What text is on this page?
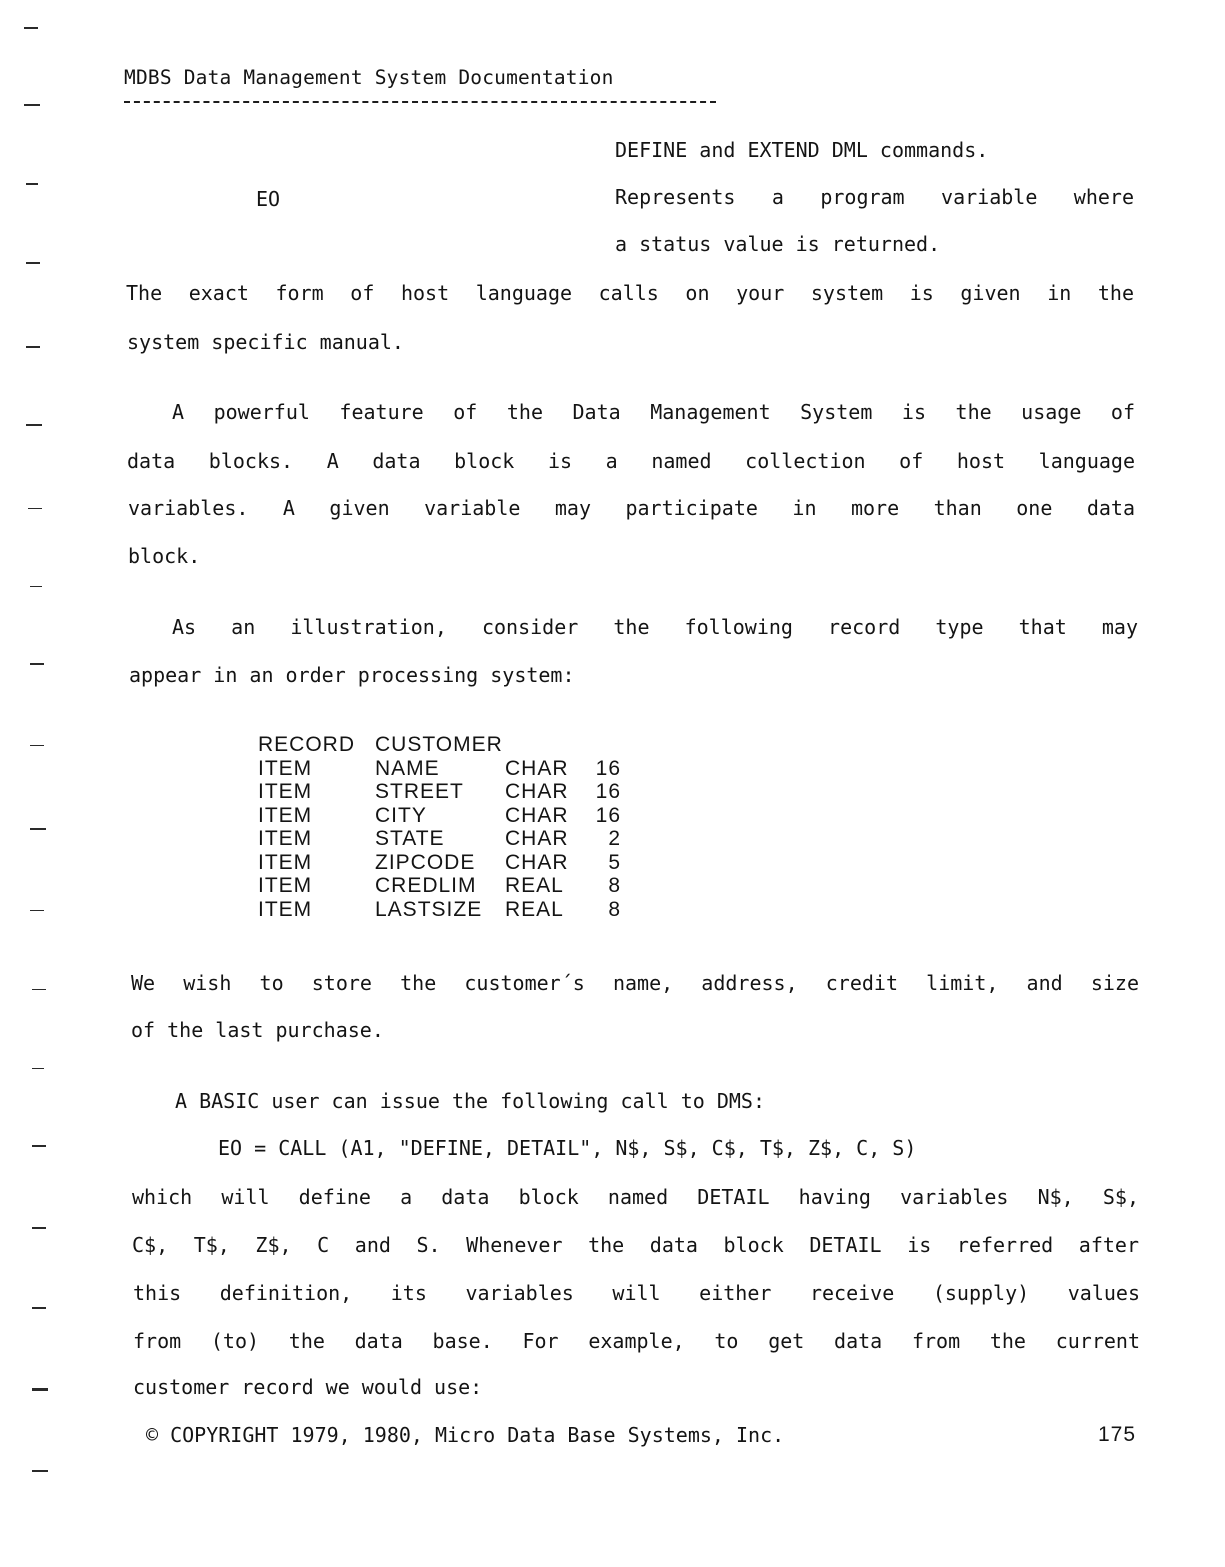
MDBS Data Management System Documentation
DEFINE and EXTEND DML commands.
EO	Represents a program variable where
a status value is returned.
The exact form of host language calls on your system is given in the
system specific manual.
A powerful feature of the Data Management System is the usage of
data blocks. A data block is a named collection of host language
variables. A given variable may participate in more than one data
block.
As an illustration, consider the following record type that may
appear in an order processing system:
RECORD	CUSTOMER		
ITEM	NAME	CHAR	16
ITEM	STREET	CHAR	16
ITEM	CITY	CHAR	16
ITEM	STATE	CHAR	2
ITEM	ZIPCODE	CHAR	5
ITEM	CREDLIM	REAL	8
ITEM	LASTSIZE	REAL	8
We wish to store the customer´s name, address, credit limit, and size
of the last purchase.
A BASIC user can issue the following call to DMS:
EO = CALL (A1, "DEFINE, DETAIL", N$, S$, C$, T$, Z$, C, S)
which will define a data block named DETAIL having variables N$, S$,
C$, T$, Z$, C and S. Whenever the data block DETAIL is referred after
this definition, its variables will either receive (supply) values
from (to) the data base. For example, to get data from the current
customer record we would use:
© COPYRIGHT 1979, 1980, Micro Data Base Systems, Inc.	175
